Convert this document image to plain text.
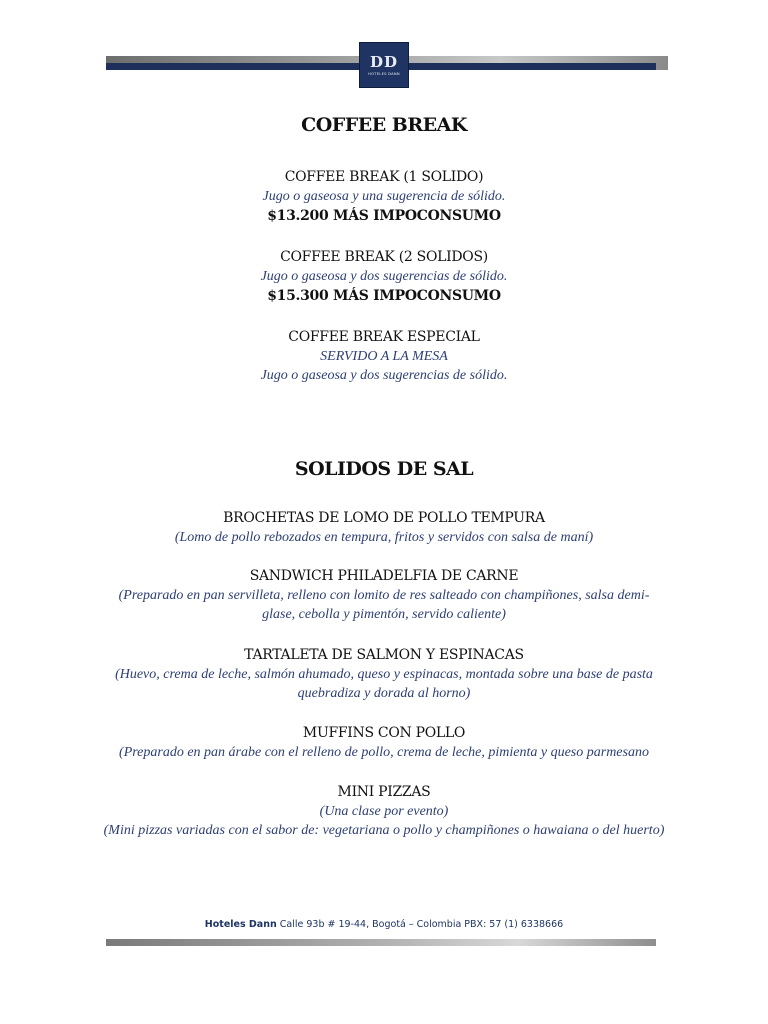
DD
HOTELES DANN
COFFEE BREAK
COFFEE BREAK (1 SOLIDO)
Jugo o gaseosa y una sugerencia de sólido.
$13.200 MÁS IMPOCONSUMO
COFFEE BREAK (2 SOLIDOS)
Jugo o gaseosa y dos sugerencias de sólido.
$15.300 MÁS IMPOCONSUMO
COFFEE BREAK ESPECIAL
SERVIDO A LA MESA
Jugo o gaseosa y dos sugerencias de sólido.
SOLIDOS DE SAL
BROCHETAS DE LOMO DE POLLO TEMPURA
(Lomo de pollo rebozados en tempura, fritos y servidos con salsa de maní)
SANDWICH PHILADELFIA DE CARNE
(Preparado en pan servilleta, relleno con lomito de res salteado con champiñones, salsa demi-glase, cebolla y pimentón, servido caliente)
TARTALETA DE SALMON Y ESPINACAS
(Huevo, crema de leche, salmón ahumado, queso y espinacas, montada sobre una base de pasta quebradiza y dorada al horno)
MUFFINS CON POLLO
(Preparado en pan árabe con el relleno de pollo, crema de leche, pimienta y queso parmesano
MINI PIZZAS
(Una clase por evento)
(Mini pizzas variadas con el sabor de: vegetariana o pollo y champiñones o hawaiana o del huerto)
Hoteles Dann Calle 93b # 19-44, Bogotá – Colombia PBX: 57 (1) 6338666
